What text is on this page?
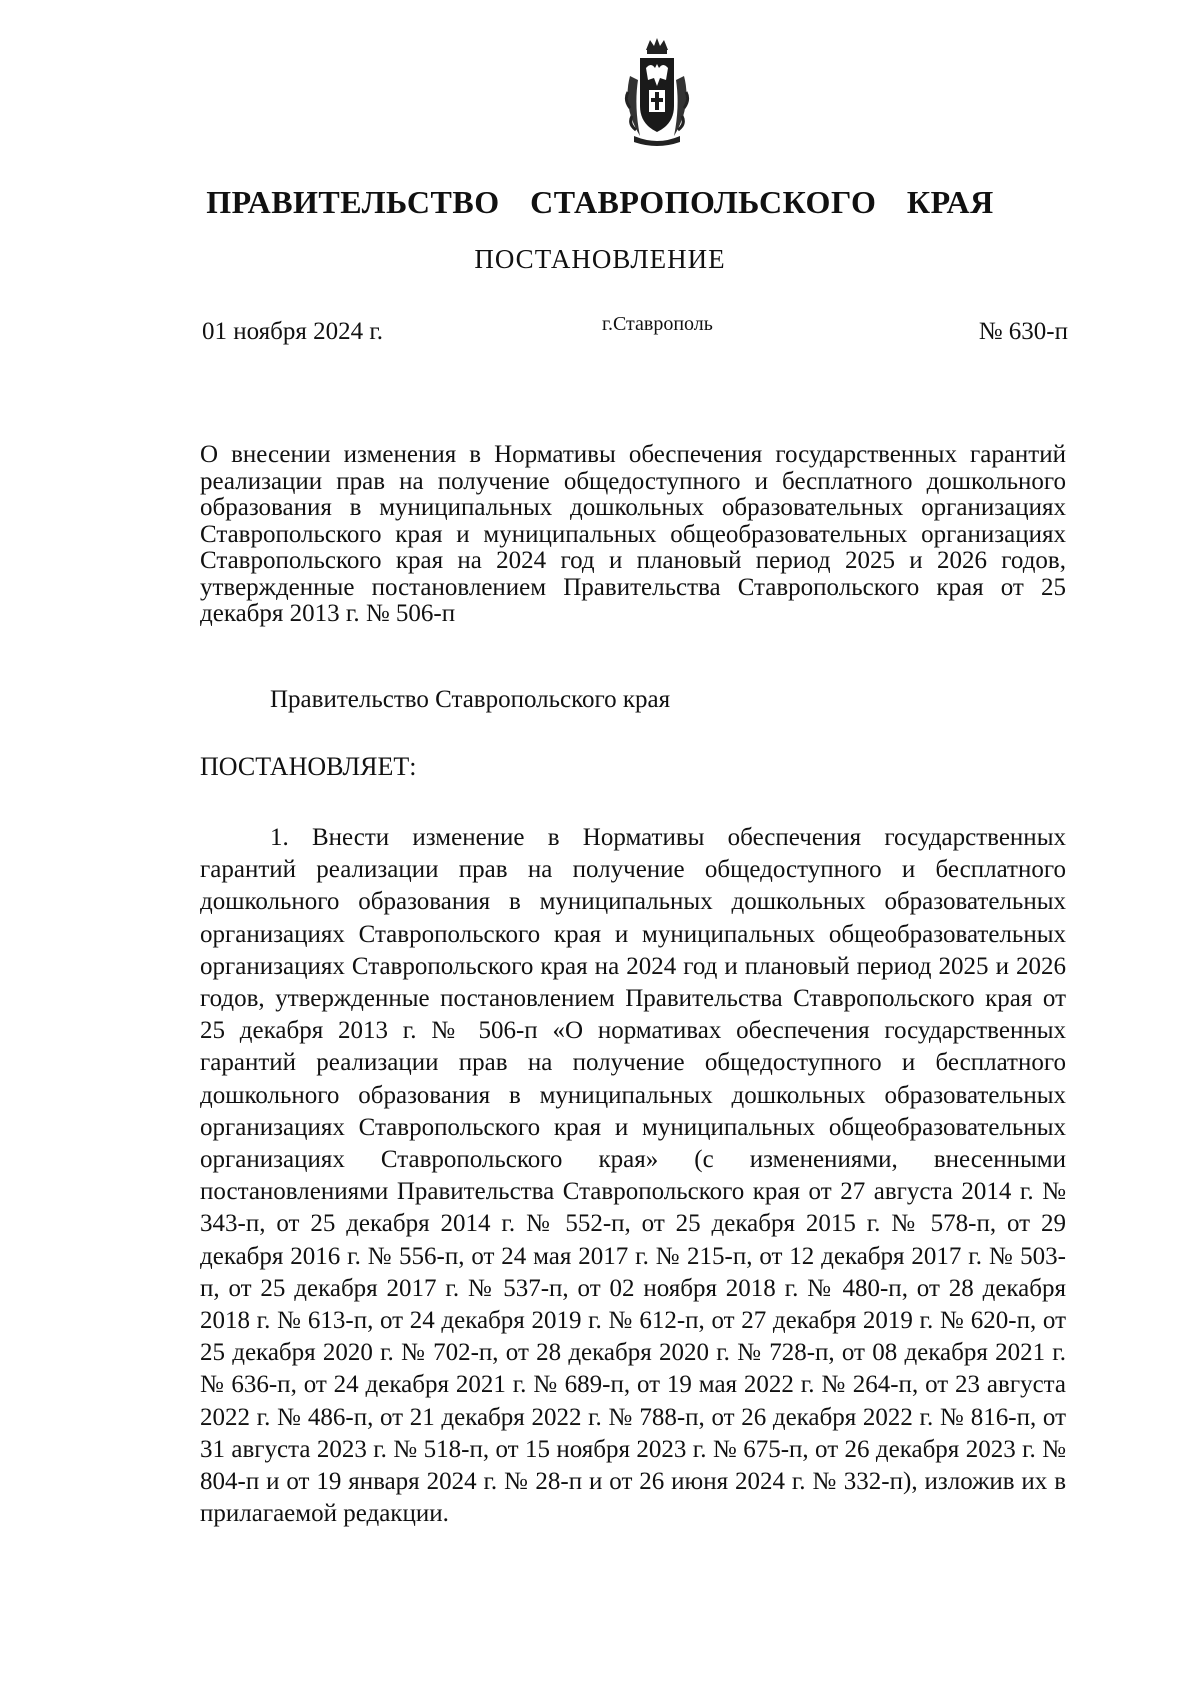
ПРАВИТЕЛЬСТВО СТАВРОПОЛЬСКОГО КРАЯ
ПОСТАНОВЛЕНИЕ
01 ноября 2024 г.	г.Ставрополь	№ 630-п
О внесении изменения в Нормативы обеспечения государственных гарантий реализации прав на получение общедоступного и бесплатного дошкольного образования в муниципальных дошкольных образовательных организациях Ставропольского края и муниципальных общеобразовательных организациях Ставропольского края на 2024 год и плановый период 2025 и 2026 годов, утвержденные постановлением Правительства Ставропольского края от 25 декабря 2013 г. № 506-п
Правительство Ставропольского края
ПОСТАНОВЛЯЕТ:
1. Внести изменение в Нормативы обеспечения государственных гарантий реализации прав на получение общедоступного и бесплатного дошкольного образования в муниципальных дошкольных образовательных организациях Ставропольского края и муниципальных общеобразовательных организациях Ставропольского края на 2024 год и плановый период 2025 и 2026 годов, утвержденные постановлением Правительства Ставропольского края от 25 декабря 2013 г. № 506-п «О нормативах обеспечения государственных гарантий реализации прав на получение общедоступного и бесплатного дошкольного образования в муниципальных дошкольных образовательных организациях Ставропольского края и муниципальных общеобразовательных организациях Ставропольского края» (с изменениями, внесенными постановлениями Правительства Ставропольского края от 27 августа 2014 г. № 343-п, от 25 декабря 2014 г. № 552-п, от 25 декабря 2015 г. № 578-п, от 29 декабря 2016 г. № 556-п, от 24 мая 2017 г. № 215-п, от 12 декабря 2017 г. № 503-п, от 25 декабря 2017 г. № 537-п, от 02 ноября 2018 г. № 480-п, от 28 декабря 2018 г. № 613-п, от 24 декабря 2019 г. № 612-п, от 27 декабря 2019 г. № 620-п, от 25 декабря 2020 г. № 702-п, от 28 декабря 2020 г. № 728-п, от 08 декабря 2021 г. № 636-п, от 24 декабря 2021 г. № 689-п, от 19 мая 2022 г. № 264-п, от 23 августа 2022 г. № 486-п, от 21 декабря 2022 г. № 788-п, от 26 декабря 2022 г. № 816-п, от 31 августа 2023 г. № 518-п, от 15 ноября 2023 г. № 675-п, от 26 декабря 2023 г. № 804-п и от 19 января 2024 г. № 28-п и от 26 июня 2024 г. № 332-п), изложив их в прилагаемой редакции.
